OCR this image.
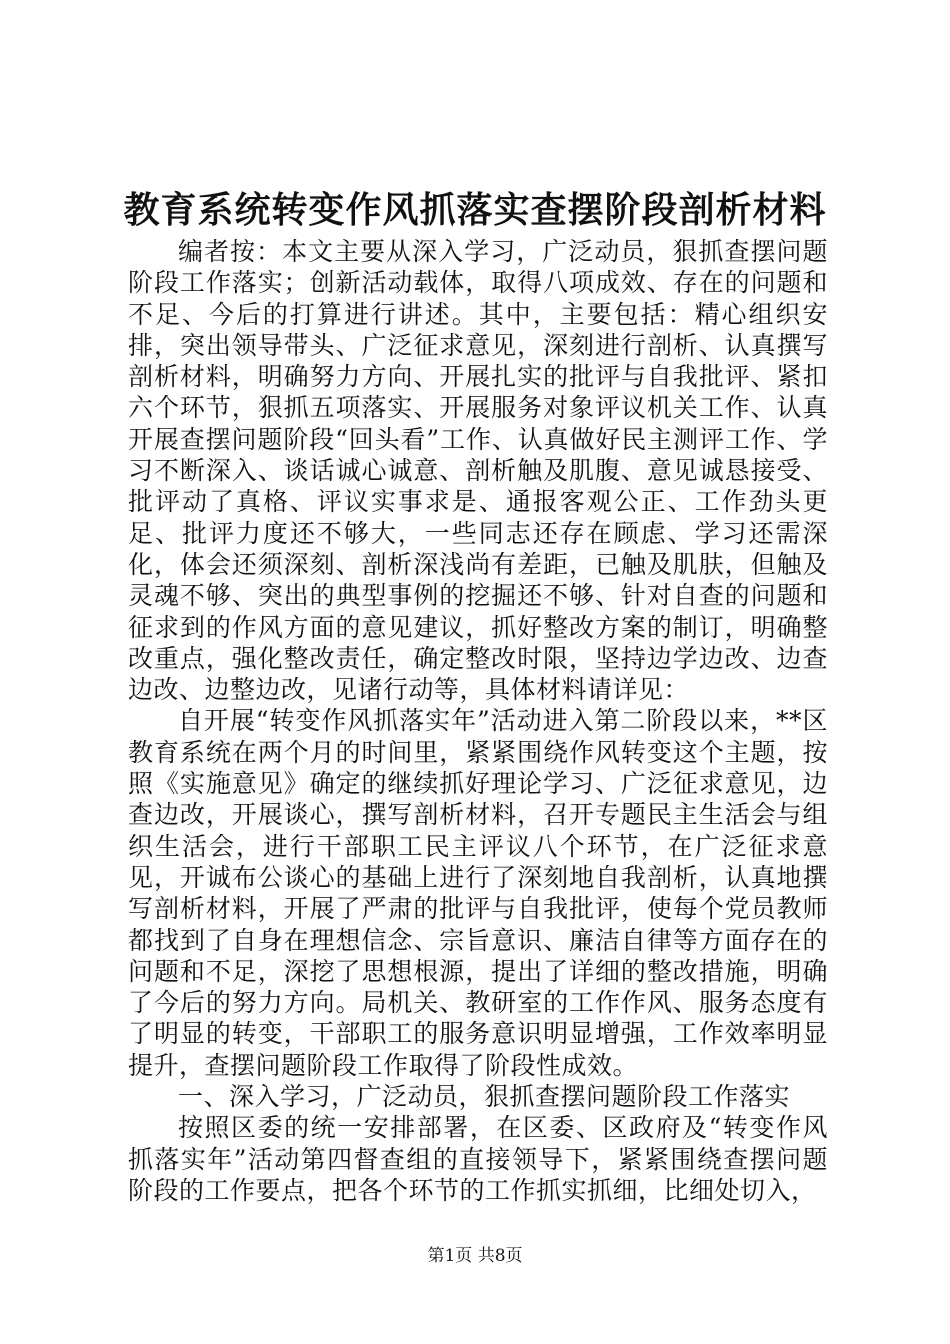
教育系统转变作风抓落实查摆阶段剖析材料

编者按：本文主要从深入学习，广泛动员，狠抓查摆问题阶段工作落实；创新活动载体，取得八项成效、存在的问题和不足、今后的打算进行讲述。其中，主要包括：精心组织安排，突出领导带头、广泛征求意见，深刻进行剖析、认真撰写剖析材料，明确努力方向、开展扎实的批评与自我批评、紧扣六个环节，狠抓五项落实、开展服务对象评议机关工作、认真开展查摆问题阶段“回头看”工作、认真做好民主测评工作、学习不断深入、谈话诚心诚意、剖析触及肌腹、意见诚恳接受、批评动了真格、评议实事求是、通报客观公正、工作劲头更足、批评力度还不够大，一些同志还存在顾虑、学习还需深化，体会还须深刻、剖析深浅尚有差距，已触及肌肤，但触及灵魂不够、突出的典型事例的挖掘还不够、针对自查的问题和征求到的作风方面的意见建议，抓好整改方案的制订，明确整改重点，强化整改责任，确定整改时限，坚持边学边改、边查边改、边整边改，见诸行动等，具体材料请详见：

自开展“转变作风抓落实年”活动进入第二阶段以来，**区教育系统在两个月的时间里，紧紧围绕作风转变这个主题，按照《实施意见》确定的继续抓好理论学习、广泛征求意见，边查边改，开展谈心，撰写剖析材料，召开专题民主生活会与组织生活会，进行干部职工民主评议八个环节，在广泛征求意见，开诚布公谈心的基础上进行了深刻地自我剖析，认真地撰写剖析材料，开展了严肃的批评与自我批评，使每个党员教师都找到了自身在理想信念、宗旨意识、廉洁自律等方面存在的问题和不足，深挖了思想根源，提出了详细的整改措施，明确了今后的努力方向。局机关、教研室的工作作风、服务态度有了明显的转变，干部职工的服务意识明显增强，工作效率明显提升，查摆问题阶段工作取得了阶段性成效。

一、深入学习，广泛动员，狠抓查摆问题阶段工作落实

按照区委的统一安排部署，在区委、区政府及“转变作风抓落实年”活动第四督查组的直接领导下，紧紧围绕查摆问题阶段的工作要点，把各个环节的工作抓实抓细，比细处切入，

第1页 共8页
